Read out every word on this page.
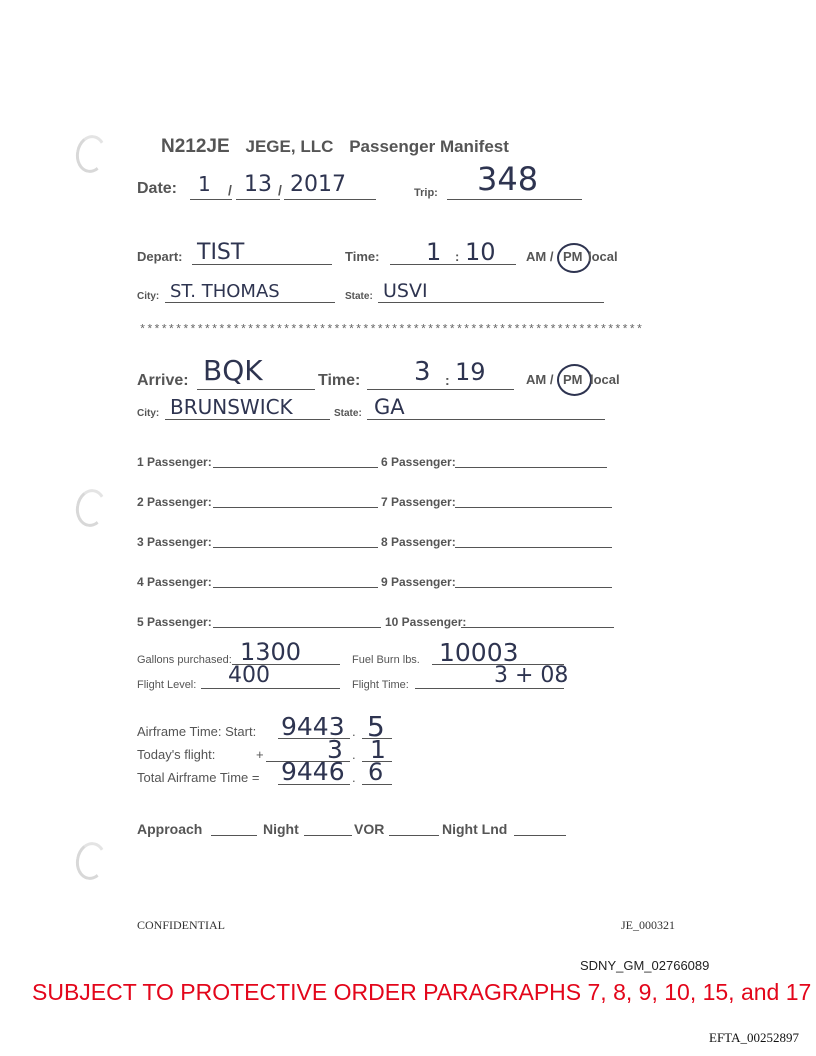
N212JE JEGE, LLC Passenger Manifest
Date: 1 / 13 / 2017	Trip: 348
Depart: TIST	Time: 1 : 10 AM / PM local
City: ST. THOMAS	State: USVI
**********************************************************************
Arrive: BQK	Time: 3 : 19	AM / PM local
City: BRUNSWICK	State: GA
1 Passenger:	6 Passenger:
2 Passenger:	7 Passenger:
3 Passenger:	8 Passenger:
4 Passenger:	9 Passenger:
5 Passenger:	10 Passenger:
Gallons purchased: 1300	Fuel Burn lbs. 10003
Flight Level: 400	Flight Time:	3 + 08
Airframe Time: Start: 9443 . 5
Today's flight:	+	3 . 1
Total Airframe Time = 9446 . 6
Approach	Night	VOR	Night Lnd
CONFIDENTIAL	JE_000321
SDNY_GM_02766089
SUBJECT TO PROTECTIVE ORDER PARAGRAPHS 7, 8, 9, 10, 15, and 17
EFTA_00252897
